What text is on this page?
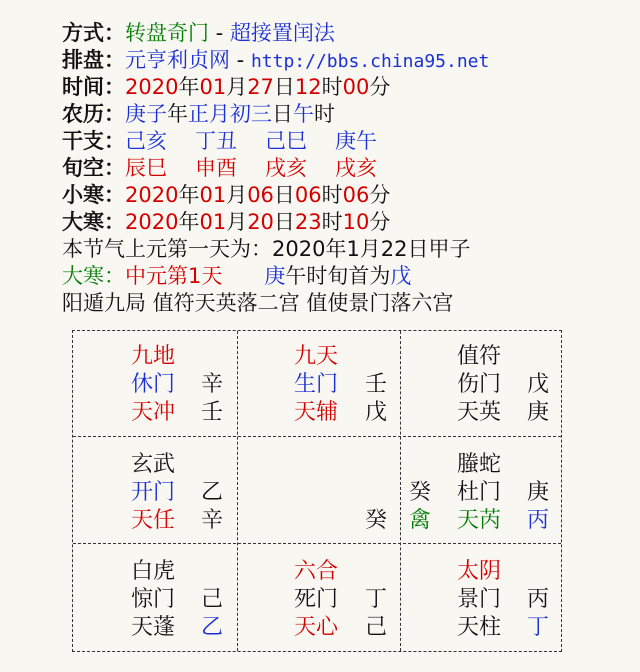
方式：转盘奇门 - 超接置闰法
排盘：元亨利贞网 - http://bbs.china95.net
时间：2020年01月27日12时00分
农历：庚子年正月初三日午时
干支：己亥 丁丑 己巳 庚午
旬空：辰巳 申酉 戌亥 戌亥
小寒：2020年01月06日06时06分
大寒：2020年01月20日23时10分
本节气上元第一天为：2020年1月22日甲子
大寒：中元第1天 庚午时旬首为戊
阳遁九局 值符天英落二宫 值使景门落六宫
九地
休门 辛
天冲 壬
九天
生门 壬
天辅 戊
值符
伤门 戊
天英 庚
玄武
开门 乙
天任 辛	癸
螣蛇
癸 杜门 庚
禽 天芮 丙
白虎
惊门 己
天蓬 乙
六合
死门 丁
天心 己
太阴
景门 丙
天柱 丁
